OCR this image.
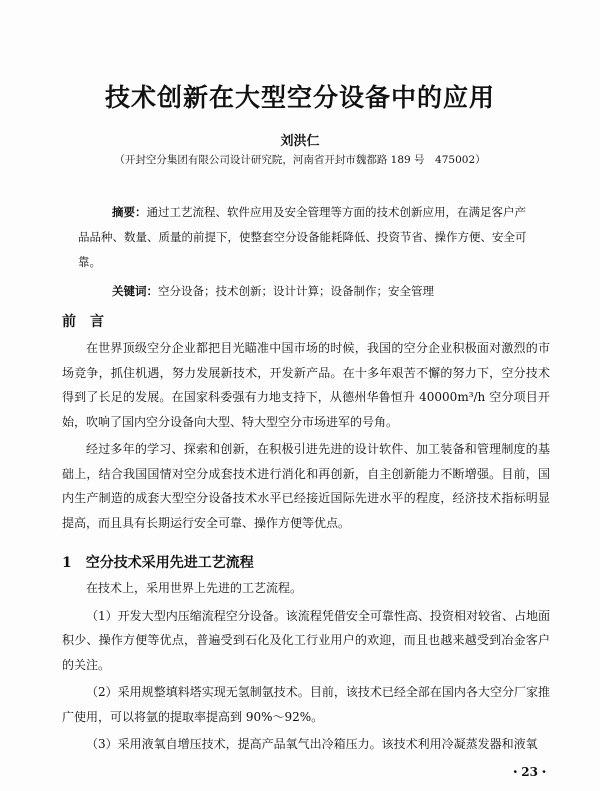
技术创新在大型空分设备中的应用
刘洪仁
（开封空分集团有限公司设计研究院，河南省开封市魏都路 189 号　475002）

摘要：通过工艺流程、软件应用及安全管理等方面的技术创新应用，在满足客户产品品种、数量、质量的前提下，使整套空分设备能耗降低、投资节省、操作方便、安全可靠。

关键词：空分设备；技术创新；设计计算；设备制作；安全管理

前　言

在世界顶级空分企业都把目光瞄准中国市场的时候，我国的空分企业积极面对激烈的市场竞争，抓住机遇，努力发展新技术，开发新产品。在十多年艰苦不懈的努力下，空分技术得到了长足的发展。在国家科委强有力地支持下，从德州华鲁恒升 40000m³/h 空分项目开始，吹响了国内空分设备向大型、特大型空分市场进军的号角。

经过多年的学习、探索和创新，在积极引进先进的设计软件、加工装备和管理制度的基础上，结合我国国情对空分成套技术进行消化和再创新，自主创新能力不断增强。目前，国内生产制造的成套大型空分设备技术水平已经接近国际先进水平的程度，经济技术指标明显提高，而且具有长期运行安全可靠、操作方便等优点。

1　空分技术采用先进工艺流程

在技术上，采用世界上先进的工艺流程。

（1）开发大型内压缩流程空分设备。该流程凭借安全可靠性高、投资相对较省、占地面积少、操作方便等优点，普遍受到石化及化工行业用户的欢迎，而且也越来越受到冶金客户的关注。

（2）采用规整填料塔实现无氢制氩技术。目前，该技术已经全部在国内各大空分厂家推广使用，可以将氩的提取率提高到 90%～92%。

（3）采用液氧自增压技术，提高产品氧气出冷箱压力。该技术利用冷凝蒸发器和液氧

・23・
